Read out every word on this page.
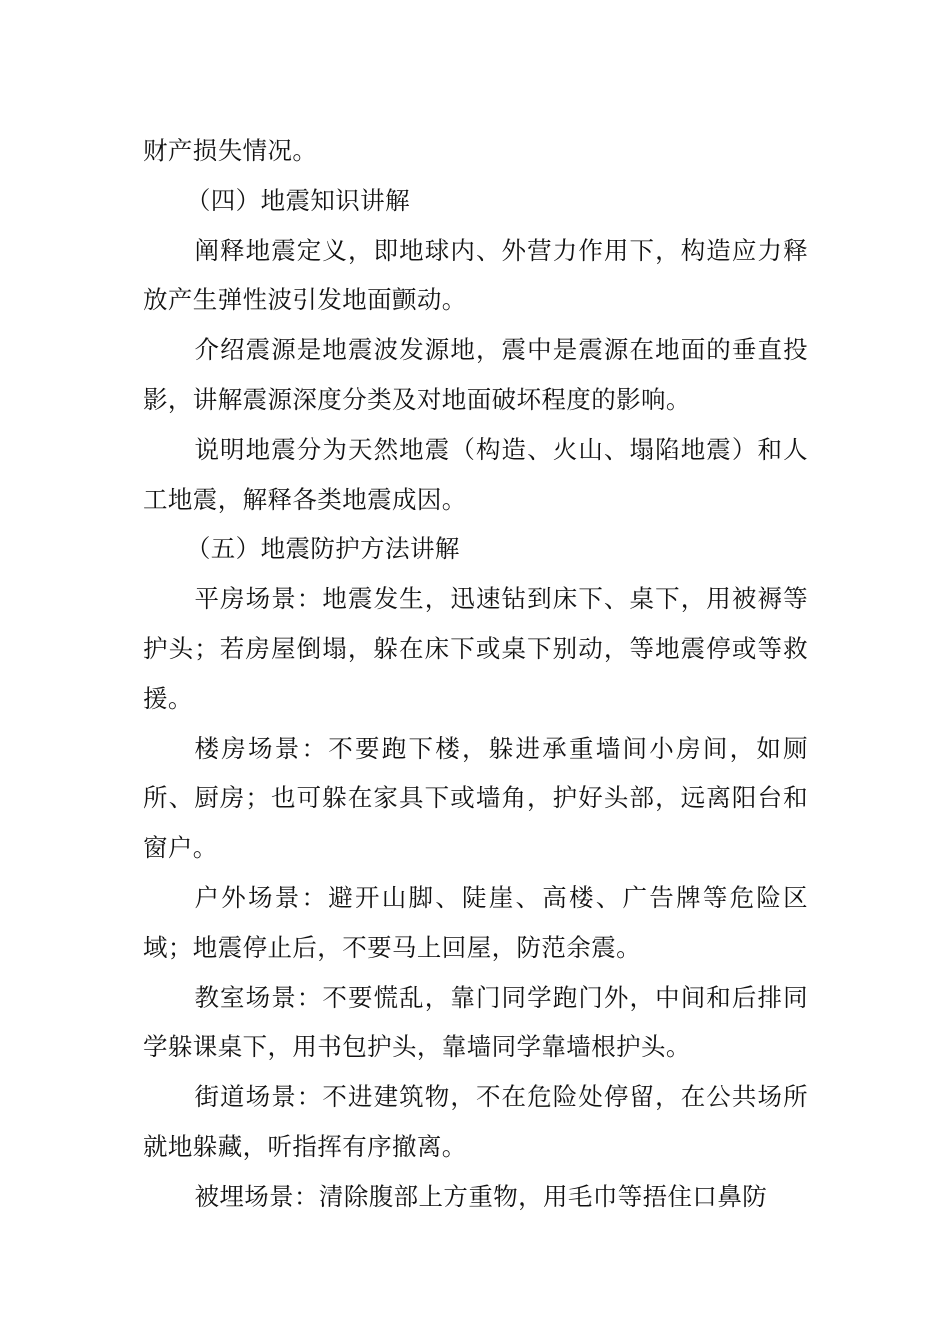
财产损失情况。

（四）地震知识讲解

阐释地震定义，即地球内、外营力作用下，构造应力释放产生弹性波引发地面颤动。

介绍震源是地震波发源地，震中是震源在地面的垂直投影，讲解震源深度分类及对地面破坏程度的影响。

说明地震分为天然地震（构造、火山、塌陷地震）和人工地震，解释各类地震成因。

（五）地震防护方法讲解

平房场景：地震发生，迅速钻到床下、桌下，用被褥等护头；若房屋倒塌，躲在床下或桌下别动，等地震停或等救援。

楼房场景：不要跑下楼，躲进承重墙间小房间，如厕所、厨房；也可躲在家具下或墙角，护好头部，远离阳台和窗户。

户外场景：避开山脚、陡崖、高楼、广告牌等危险区域；地震停止后，不要马上回屋，防范余震。

教室场景：不要慌乱，靠门同学跑门外，中间和后排同学躲课桌下，用书包护头，靠墙同学靠墙根护头。

街道场景：不进建筑物，不在危险处停留，在公共场所就地躲藏，听指挥有序撤离。

被埋场景：清除腹部上方重物，用毛巾等捂住口鼻防
